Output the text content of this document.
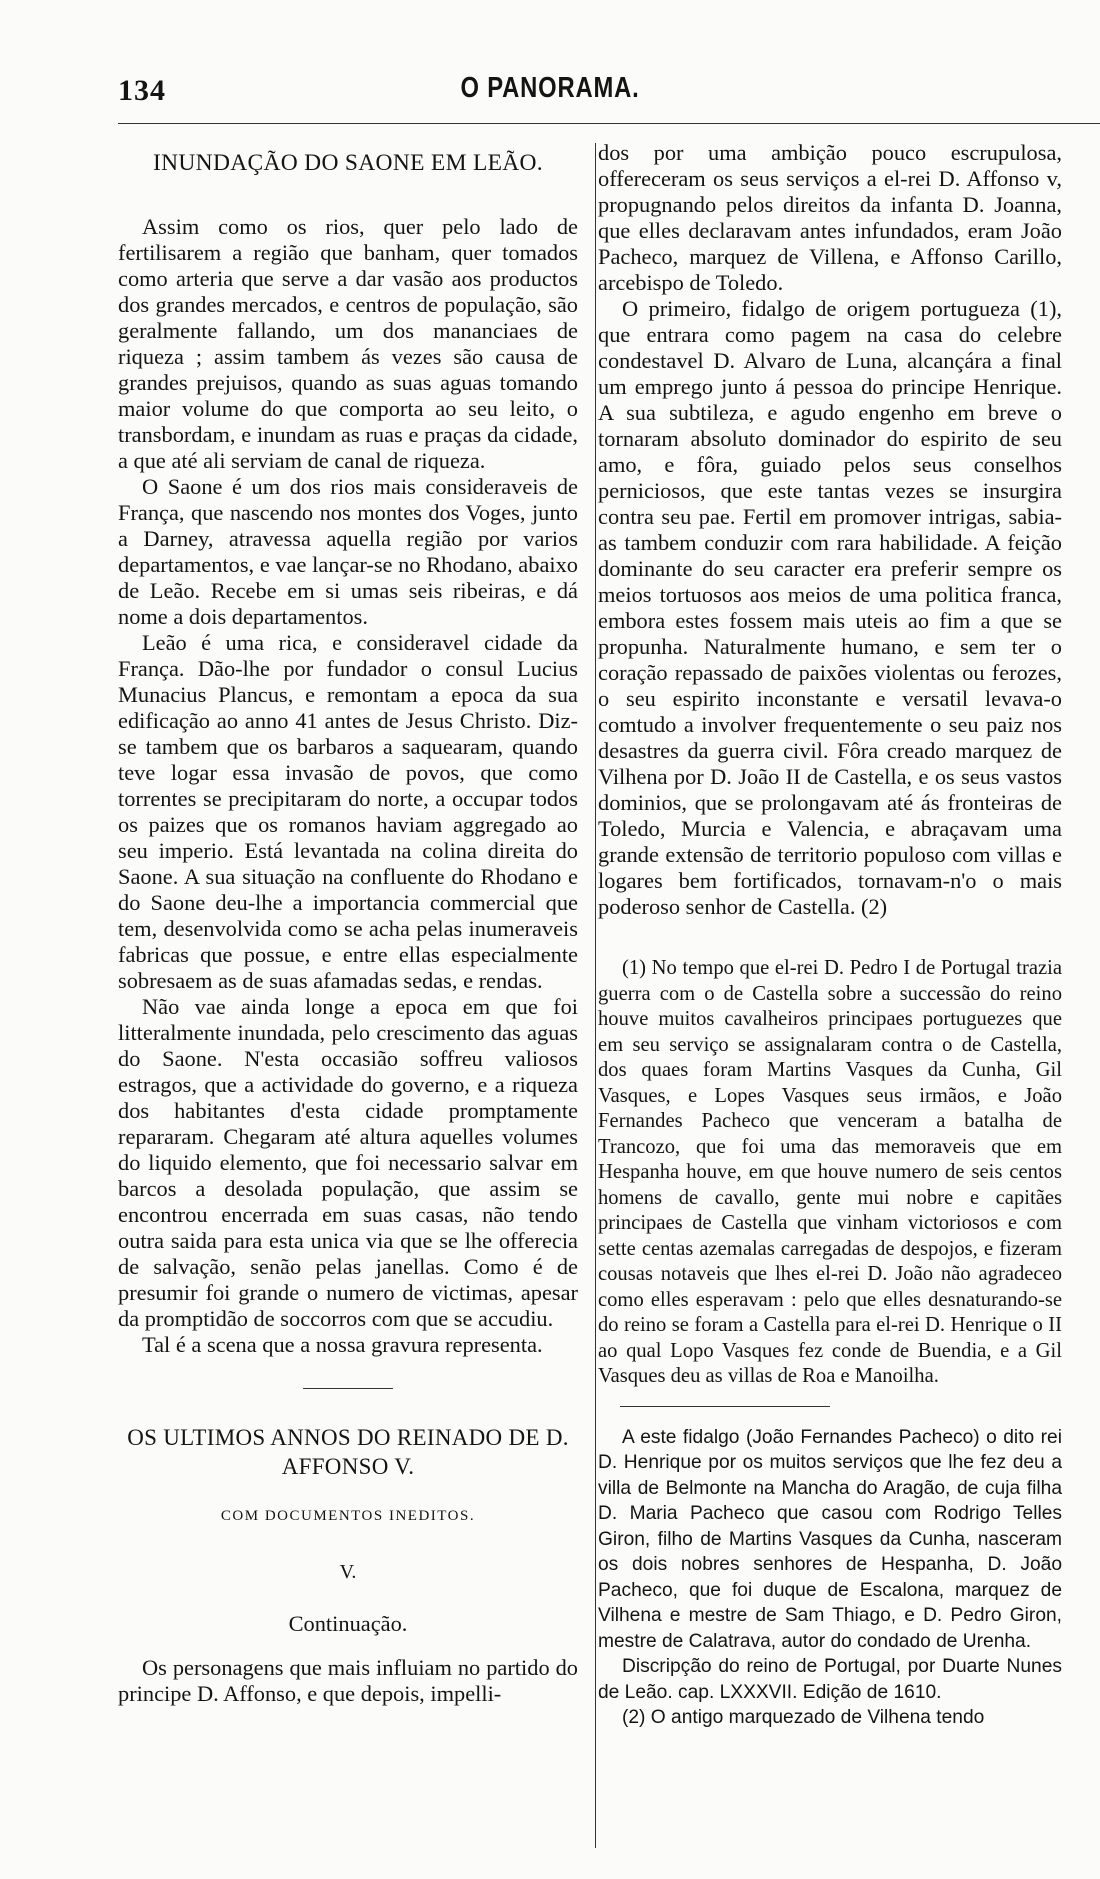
134	O PANORAMA.
INUNDAÇÃO DO SAONE EM LEÃO.

Assim como os rios, quer pelo lado de fertilisarem a região que banham, quer tomados como arteria que serve a dar vasão aos productos dos grandes mercados, e centros de população, são geralmente fallando, um dos mananciaes de riqueza ; assim tambem ás vezes são causa de grandes prejuisos, quando as suas aguas tomando maior volume do que comporta ao seu leito, o transbordam, e inundam as ruas e praças da cidade, a que até ali serviam de canal de riqueza.

O Saone é um dos rios mais consideraveis de França, que nascendo nos montes dos Voges, junto a Darney, atravessa aquella região por varios departamentos, e vae lançar-se no Rhodano, abaixo de Leão. Recebe em si umas seis ribeiras, e dá nome a dois departamentos.

Leão é uma rica, e consideravel cidade da França. Dão-lhe por fundador o consul Lucius Munacius Plancus, e remontam a epoca da sua edificação ao anno 41 antes de Jesus Christo. Diz-se tambem que os barbaros a saquearam, quando teve logar essa invasão de povos, que como torrentes se precipitaram do norte, a occupar todos os paizes que os romanos haviam aggregado ao seu imperio. Está levantada na colina direita do Saone. A sua situação na confluente do Rhodano e do Saone deu-lhe a importancia commercial que tem, desenvolvida como se acha pelas inumeraveis fabricas que possue, e entre ellas especialmente sobresaem as de suas afamadas sedas, e rendas.

Não vae ainda longe a epoca em que foi litteralmente inundada, pelo crescimento das aguas do Saone. N'esta occasião soffreu valiosos estragos, que a actividade do governo, e a riqueza dos habitantes d'esta cidade promptamente repararam. Chegaram até altura aquelles volumes do liquido elemento, que foi necessario salvar em barcos a desolada população, que assim se encontrou encerrada em suas casas, não tendo outra saida para esta unica via que se lhe offerecia de salvação, senão pelas janellas. Como é de presumir foi grande o numero de victimas, apesar da promptidão de soccorros com que se accudiu.

Tal é a scena que a nossa gravura representa.

OS ULTIMOS ANNOS DO REINADO DE D. AFFONSO V.
COM DOCUMENTOS INEDITOS.
V.
Continuação.

Os personagens que mais influiam no partido do principe D. Affonso, e que depois, impelli-

dos por uma ambição pouco escrupulosa, offereceram os seus serviços a el-rei D. Affonso v, propugnando pelos direitos da infanta D. Joanna, que elles declaravam antes infundados, eram João Pacheco, marquez de Villena, e Affonso Carillo, arcebispo de Toledo.

O primeiro, fidalgo de origem portugueza (1), que entrara como pagem na casa do celebre condestavel D. Alvaro de Luna, alcançára a final um emprego junto á pessoa do principe Henrique. A sua subtileza, e agudo engenho em breve o tornaram absoluto dominador do espirito de seu amo, e fôra, guiado pelos seus conselhos perniciosos, que este tantas vezes se insurgira contra seu pae. Fertil em promover intrigas, sabia-as tambem conduzir com rara habilidade. A feição dominante do seu caracter era preferir sempre os meios tortuosos aos meios de uma politica franca, embora estes fossem mais uteis ao fim a que se propunha. Naturalmente humano, e sem ter o coração repassado de paixões violentas ou ferozes, o seu espirito inconstante e versatil levava-o comtudo a involver frequentemente o seu paiz nos desastres da guerra civil. Fôra creado marquez de Vilhena por D. João II de Castella, e os seus vastos dominios, que se prolongavam até ás fronteiras de Toledo, Murcia e Valencia, e abraçavam uma grande extensão de territorio populoso com villas e logares bem fortificados, tornavam-n'o o mais poderoso senhor de Castella. (2)

(1) No tempo que el-rei D. Pedro I de Portugal trazia guerra com o de Castella sobre a successão do reino houve muitos cavalheiros principaes portuguezes que em seu serviço se assignalaram contra o de Castella, dos quaes foram Martins Vasques da Cunha, Gil Vasques, e Lopes Vasques seus irmãos, e João Fernandes Pacheco que venceram a batalha de Trancozo, que foi uma das memoraveis que em Hespanha houve, em que houve numero de seis centos homens de cavallo, gente mui nobre e capitães principaes de Castella que vinham victoriosos e com sette centas azemalas carregadas de despojos, e fizeram cousas notaveis que lhes el-rei D. João não agradeceo como elles esperavam : pelo que elles desnaturando-se do reino se foram a Castella para el-rei D. Henrique o II ao qual Lopo Vasques fez conde de Buendia, e a Gil Vasques deu as villas de Roa e Manoilha.

A este fidalgo (João Fernandes Pacheco) o dito rei D. Henrique por os muitos serviços que lhe fez deu a villa de Belmonte na Mancha do Aragão, de cuja filha D. Maria Pacheco que casou com Rodrigo Telles Giron, filho de Martins Vasques da Cunha, nasceram os dois nobres senhores de Hespanha, D. João Pacheco, que foi duque de Escalona, marquez de Vilhena e mestre de Sam Thiago, e D. Pedro Giron, mestre de Calatrava, autor do condado de Urenha.

Discripção do reino de Portugal, por Duarte Nunes de Leão. cap. LXXXVII. Edição de 1610.

(2) O antigo marquezado de Vilhena tendo
